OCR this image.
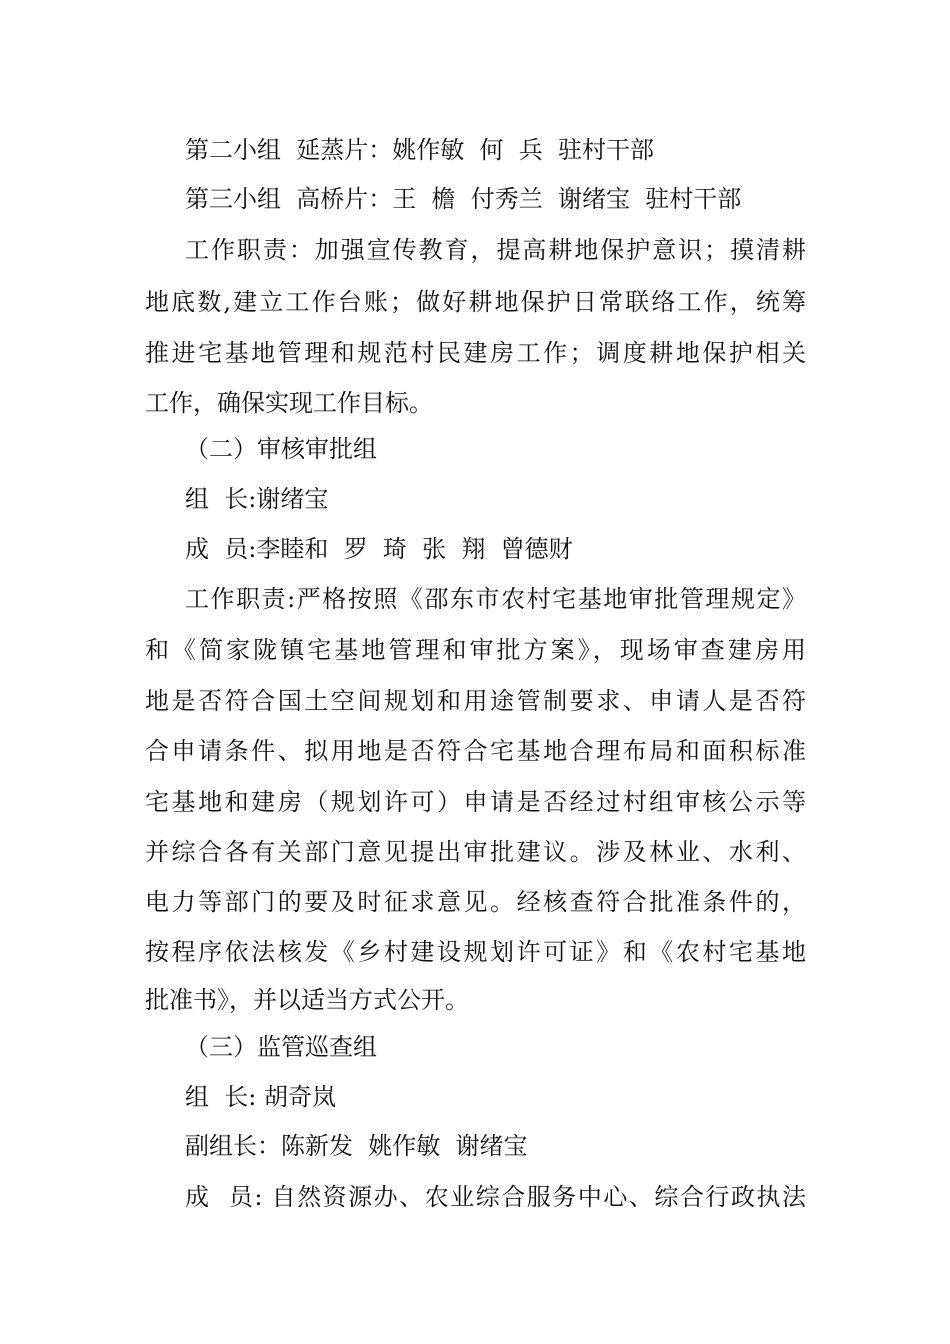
第二小组  延蒸片：姚作敏  何  兵  驻村干部
第三小组  高桥片：王  檐  付秀兰  谢绪宝  驻村干部
工作职责：加强宣传教育，提高耕地保护意识；摸清耕
地底数,建立工作台账；做好耕地保护日常联络工作，统筹
推进宅基地管理和规范村民建房工作；调度耕地保护相关
工作，确保实现工作目标。
（二）审核审批组
组  长:谢绪宝
成  员:李睦和  罗  琦  张  翔  曾德财
工作职责:严格按照《邵东市农村宅基地审批管理规定》
和《简家陇镇宅基地管理和审批方案》，现场审查建房用
地是否符合国土空间规划和用途管制要求、申请人是否符
合申请条件、拟用地是否符合宅基地合理布局和面积标准
宅基地和建房（规划许可）申请是否经过村组审核公示等
并综合各有关部门意见提出审批建议。涉及林业、水利、
电力等部门的要及时征求意见。经核查符合批准条件的，
按程序依法核发《乡村建设规划许可证》和《农村宅基地
批准书》，并以适当方式公开。
（三）监管巡查组
组  长: 胡奇岚
副组长：陈新发  姚作敏  谢绪宝
成  员: 自然资源办、农业综合服务中心、综合行政执法
